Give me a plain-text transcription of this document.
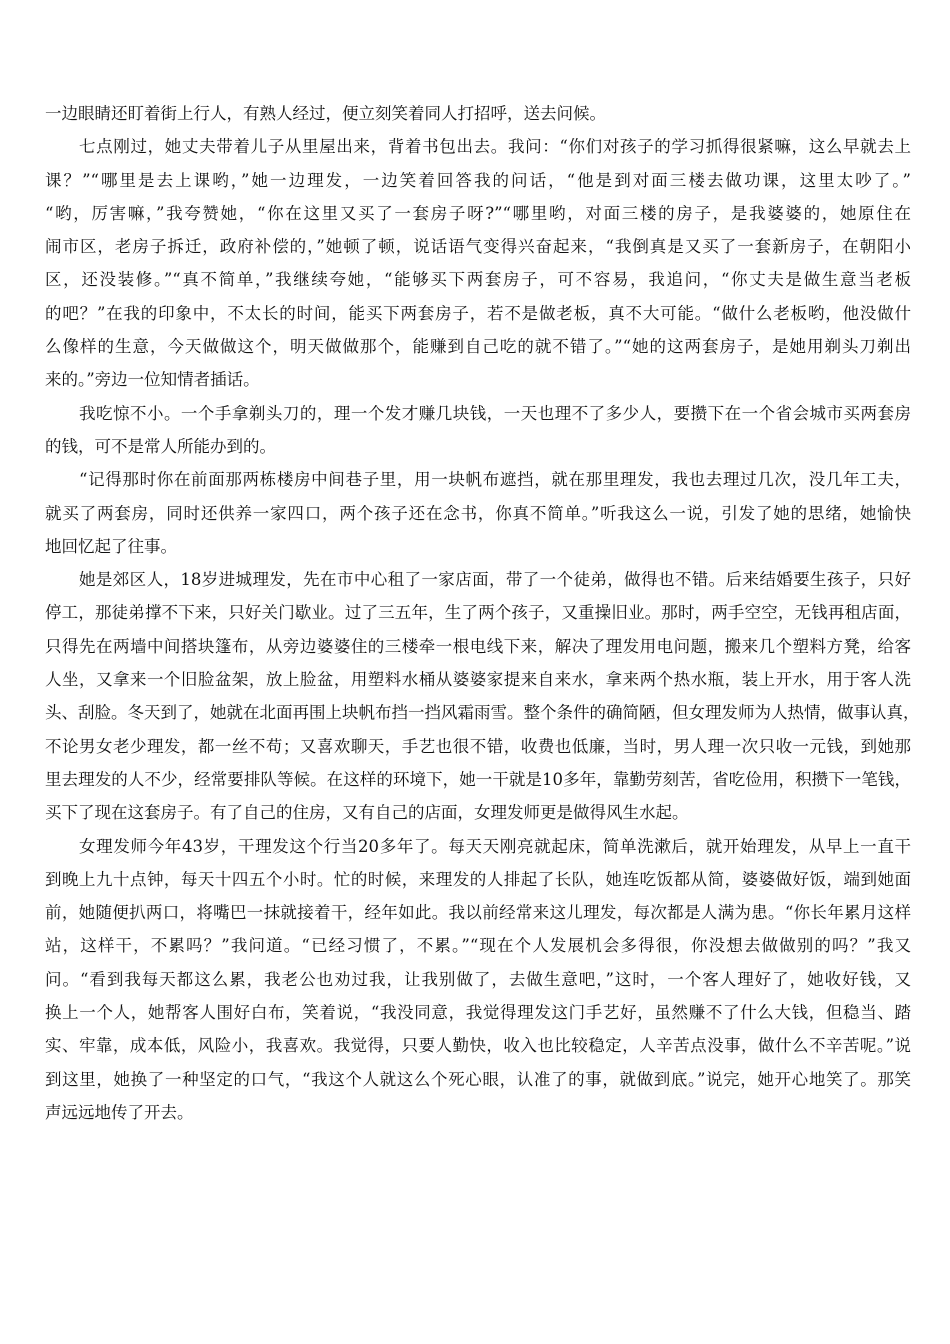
一边眼睛还盯着街上行人，有熟人经过，便立刻笑着同人打招呼，送去问候。
七点刚过，她丈夫带着儿子从里屋出来，背着书包出去。我问：“你们对孩子的学习抓得很紧嘛，这么早就去上
课？”“哪里是去上课哟，”她一边理发，一边笑着回答我的问话，“他是到对面三楼去做功课，这里太吵了。”
“哟，厉害嘛，”我夸赞她，“你在这里又买了一套房子呀?”“哪里哟，对面三楼的房子，是我婆婆的，她原住在
闹市区，老房子拆迁，政府补偿的，”她顿了顿，说话语气变得兴奋起来，“我倒真是又买了一套新房子，在朝阳小
区，还没装修。”“真不简单，”我继续夸她，“能够买下两套房子，可不容易，我追问，“你丈夫是做生意当老板
的吧？”在我的印象中，不太长的时间，能买下两套房子，若不是做老板，真不大可能。“做什么老板哟，他没做什
么像样的生意，今天做做这个，明天做做那个，能赚到自己吃的就不错了。”“她的这两套房子，是她用剃头刀剃出
来的。”旁边一位知情者插话。
我吃惊不小。一个手拿剃头刀的，理一个发才赚几块钱，一天也理不了多少人，要攒下在一个省会城市买两套房
的钱，可不是常人所能办到的。
“记得那时你在前面那两栋楼房中间巷子里，用一块帆布遮挡，就在那里理发，我也去理过几次，没几年工夫，
就买了两套房，同时还供养一家四口，两个孩子还在念书，你真不简单。”听我这么一说，引发了她的思绪，她愉快
地回忆起了往事。
她是郊区人，18岁进城理发，先在市中心租了一家店面，带了一个徒弟，做得也不错。后来结婚要生孩子，只好
停工，那徒弟撑不下来，只好关门歇业。过了三五年，生了两个孩子，又重操旧业。那时，两手空空，无钱再租店面，
只得先在两墙中间搭块篷布，从旁边婆婆住的三楼牵一根电线下来，解决了理发用电问题，搬来几个塑料方凳，给客
人坐，又拿来一个旧脸盆架，放上脸盆，用塑料水桶从婆婆家提来自来水，拿来两个热水瓶，装上开水，用于客人洗
头、刮脸。冬天到了，她就在北面再围上块帆布挡一挡风霜雨雪。整个条件的确简陋，但女理发师为人热情，做事认真，
不论男女老少理发，都一丝不苟；又喜欢聊天，手艺也很不错，收费也低廉，当时，男人理一次只收一元钱，到她那
里去理发的人不少，经常要排队等候。在这样的环境下，她一干就是10多年，靠勤劳刻苦，省吃俭用，积攒下一笔钱，
买下了现在这套房子。有了自己的住房，又有自己的店面，女理发师更是做得风生水起。
女理发师今年43岁，干理发这个行当20多年了。每天天刚亮就起床，简单洗漱后，就开始理发，从早上一直干
到晚上九十点钟，每天十四五个小时。忙的时候，来理发的人排起了长队，她连吃饭都从简，婆婆做好饭，端到她面
前，她随便扒两口，将嘴巴一抹就接着干，经年如此。我以前经常来这儿理发，每次都是人满为患。“你长年累月这样
站，这样干，不累吗？”我问道。“已经习惯了，不累。”“现在个人发展机会多得很，你没想去做做别的吗？”我又
问。“看到我每天都这么累，我老公也劝过我，让我别做了，去做生意吧，”这时，一个客人理好了，她收好钱，又
换上一个人，她帮客人围好白布，笑着说，“我没同意，我觉得理发这门手艺好，虽然赚不了什么大钱，但稳当、踏
实、牢靠，成本低，风险小，我喜欢。我觉得，只要人勤快，收入也比较稳定，人辛苦点没事，做什么不辛苦呢。”说
到这里，她换了一种坚定的口气，“我这个人就这么个死心眼，认准了的事，就做到底。”说完，她开心地笑了。那笑
声远远地传了开去。
